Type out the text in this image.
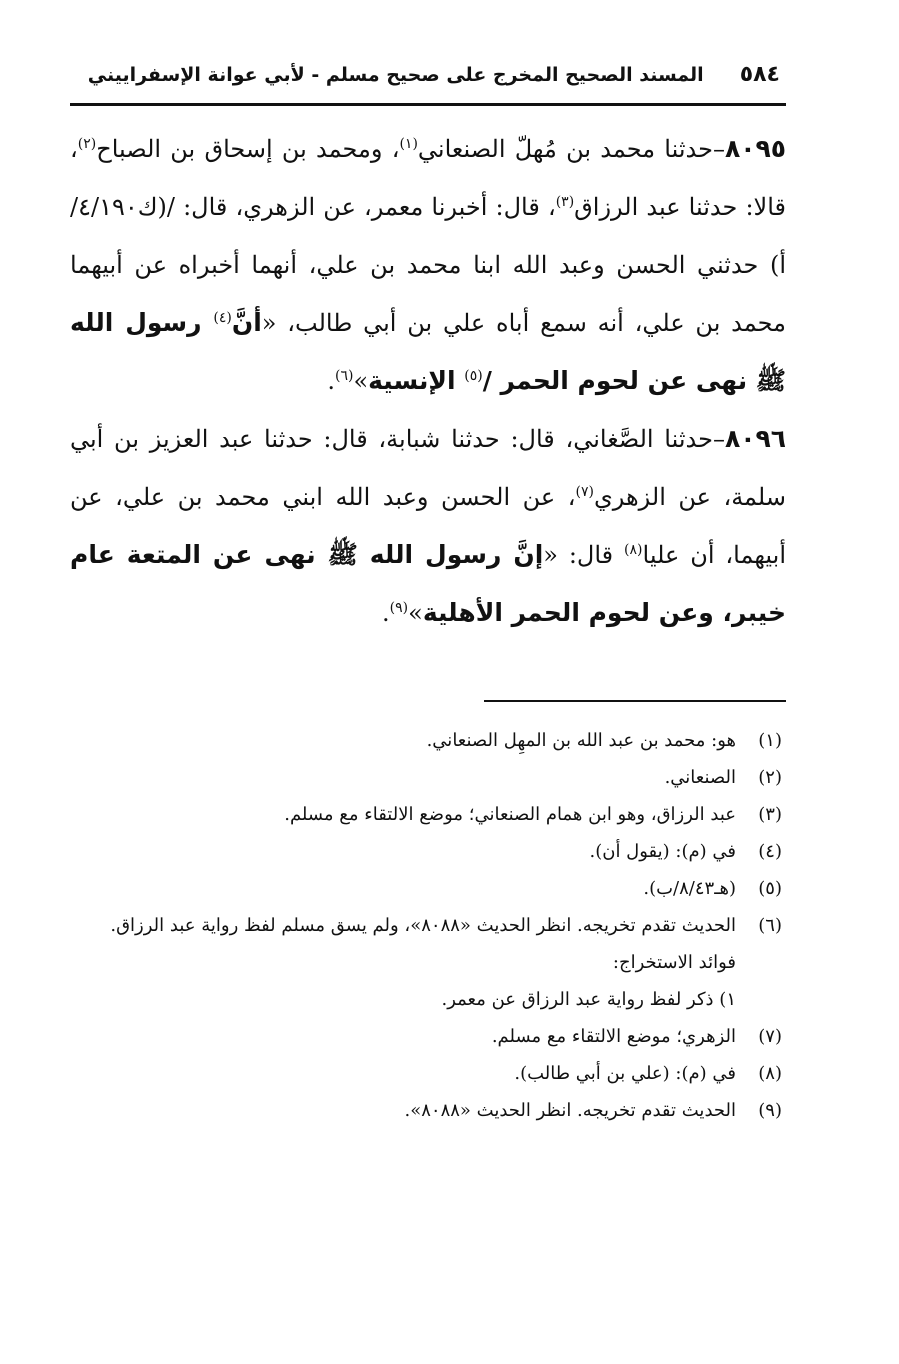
٥٨٤
المسند الصحيح المخرج على صحيح مسلم - لأبي عوانة الإسفراييني

٨٠٩٥–حدثنا محمد بن مُهلّ الصنعاني$^{(١)}$، ومحمد بن إسحاق بن الصباح$^{(٢)}$، قالا: حدثنا عبد الرزاق$^{(٣)}$، قال: أخبرنا معمر، عن الزهري، قال: /(ك٤/١٩٠/أ) حدثني الحسن وعبد الله ابنا محمد بن علي، أنهما أخبراه عن أبيهما محمد بن علي، أنه سمع أباه علي بن أبي طالب، «أنَّ$^{(٤)}$ رسول الله ﷺ نهى عن لحوم الحمر /$^{(٥)}$ الإنسية»$^{(٦)}$.

٨٠٩٦–حدثنا الصَّغاني، قال: حدثنا شبابة، قال: حدثنا عبد العزيز بن أبي سلمة، عن الزهري$^{(٧)}$، عن الحسن وعبد الله ابني محمد بن علي، عن أبيهما، أن عليا$^{(٨)}$ قال: «إنَّ رسول الله ﷺ نهى عن المتعة عام خيبر، وعن لحوم الحمر الأهلية»$^{(٩)}$.

(١)
هو: محمد بن عبد الله بن المهِل الصنعاني.
(٢)
الصنعاني.
(٣)
عبد الرزاق، وهو ابن همام الصنعاني؛ موضع الالتقاء مع مسلم.
(٤)
في (م): (يقول أن).
(٥)
(هـ٨/٤٣/ب).
(٦)
الحديث تقدم تخريجه. انظر الحديث «٨٠٨٨»، ولم يسق مسلم لفظ رواية عبد الرزاق.
فوائد الاستخراج:
١) ذكر لفظ رواية عبد الرزاق عن معمر.
(٧)
الزهري؛ موضع الالتقاء مع مسلم.
(٨)
في (م): (علي بن أبي طالب).
(٩)
الحديث تقدم تخريجه. انظر الحديث «٨٠٨٨».
